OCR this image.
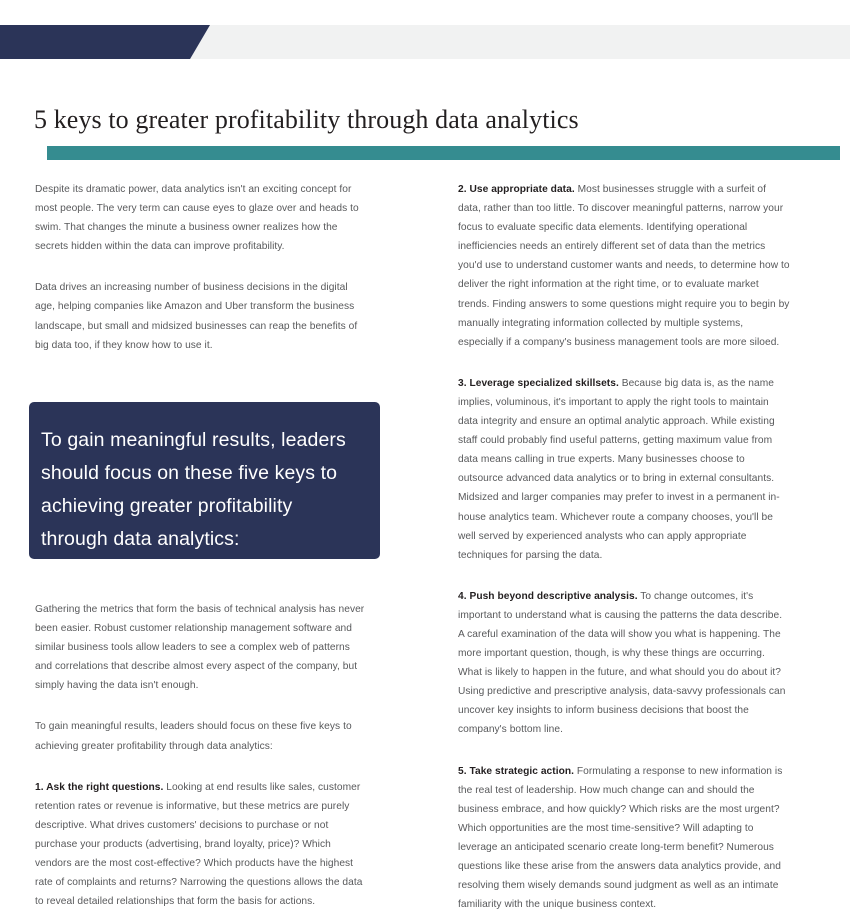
5 keys to greater profitability through data analytics

Despite its dramatic power, data analytics isn't an exciting concept for most people. The very term can cause eyes to glaze over and heads to swim. That changes the minute a business owner realizes how the secrets hidden within the data can improve profitability.

Data drives an increasing number of business decisions in the digital age, helping companies like Amazon and Uber transform the business landscape, but small and midsized businesses can reap the benefits of big data too, if they know how to use it.

2. Use appropriate data. Most businesses struggle with a surfeit of data, rather than too little. To discover meaningful patterns, narrow your focus to evaluate specific data elements. Identifying operational inefficiencies needs an entirely different set of data than the metrics you'd use to understand customer wants and needs, to determine how to deliver the right information at the right time, or to evaluate market trends. Finding answers to some questions might require you to begin by manually integrating information collected by multiple systems, especially if a company's business management tools are more siloed.

3. Leverage specialized skillsets. Because big data is, as the name implies, voluminous, it's important to apply the right tools to maintain data integrity and ensure an optimal analytic approach. While existing staff could probably find useful patterns, getting maximum value from data means calling in true experts. Many businesses choose to outsource advanced data analytics or to bring in external consultants. Midsized and larger companies may prefer to invest in a permanent in-house analytics team. Whichever route a company chooses, you'll be well served by experienced analysts who can apply appropriate techniques for parsing the data.

4. Push beyond descriptive analysis. To change outcomes, it's important to understand what is causing the patterns the data describe. A careful examination of the data will show you what is happening. The more important question, though, is why these things are occurring. What is likely to happen in the future, and what should you do about it? Using predictive and prescriptive analysis, data-savvy professionals can uncover key insights to inform business decisions that boost the company's bottom line.

5. Take strategic action. Formulating a response to new information is the real test of leadership. How much change can and should the business embrace, and how quickly? Which risks are the most urgent? Which opportunities are the most time-sensitive? Will adapting to leverage an anticipated scenario create long-term benefit? Numerous questions like these arise from the answers data analytics provide, and resolving them wisely demands sound judgment as well as an intimate familiarity with the unique business context.

To gain meaningful results, leaders should focus on these five keys to achieving greater profitability through data analytics:

Gathering the metrics that form the basis of technical analysis has never been easier. Robust customer relationship management software and similar business tools allow leaders to see a complex web of patterns and correlations that describe almost every aspect of the company, but simply having the data isn't enough.

To gain meaningful results, leaders should focus on these five keys to achieving greater profitability through data analytics:

1. Ask the right questions. Looking at end results like sales, customer retention rates or revenue is informative, but these metrics are purely descriptive. What drives customers' decisions to purchase or not purchase your products (advertising, brand loyalty, price)? Which vendors are the most cost-effective? Which products have the highest rate of complaints and returns? Narrowing the questions allows the data to reveal detailed relationships that form the basis for actions.
